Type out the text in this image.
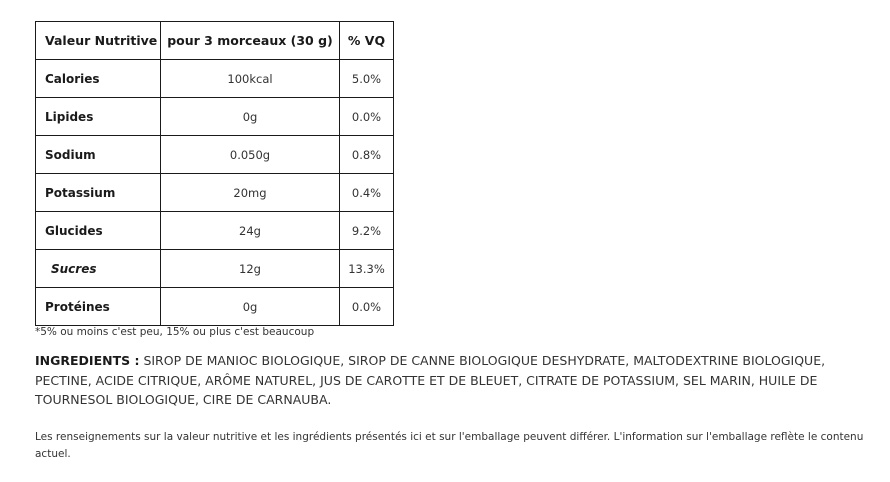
Valeur Nutritive	pour 3 morceaux (30 g)	% VQ
Calories	100kcal	5.0%
Lipides	0g	0.0%
Sodium	0.050g	0.8%
Potassium	20mg	0.4%
Glucides	24g	9.2%
Sucres	12g	13.3%
Protéines	0g	0.0%

*5% ou moins c'est peu, 15% ou plus c'est beaucoup

INGREDIENTS : SIROP DE MANIOC BIOLOGIQUE, SIROP DE CANNE BIOLOGIQUE DESHYDRATE, MALTODEXTRINE BIOLOGIQUE, PECTINE, ACIDE CITRIQUE, ARÔME NATUREL, JUS DE CAROTTE ET DE BLEUET, CITRATE DE POTASSIUM, SEL MARIN, HUILE DE TOURNESOL BIOLOGIQUE, CIRE DE CARNAUBA.

Les renseignements sur la valeur nutritive et les ingrédients présentés ici et sur l'emballage peuvent différer. L'information sur l'emballage reflète le contenu actuel.
